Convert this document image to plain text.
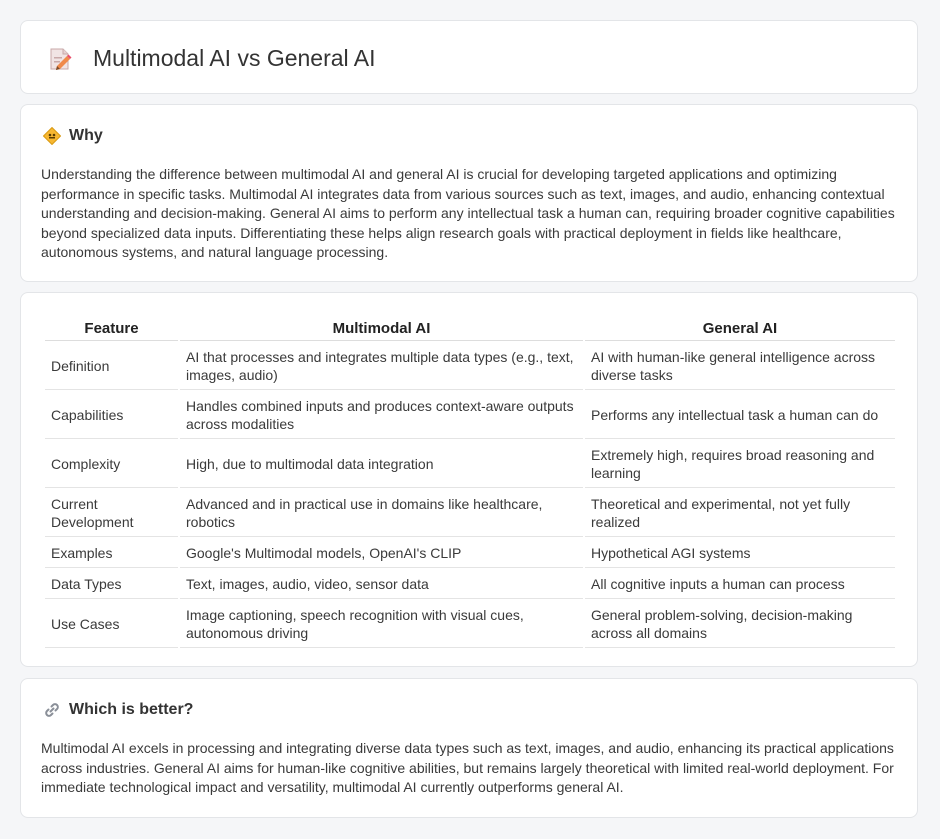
Multimodal AI vs General AI
Why

Understanding the difference between multimodal AI and general AI is crucial for developing targeted applications and optimizing performance in specific tasks. Multimodal AI integrates data from various sources such as text, images, and audio, enhancing contextual understanding and decision-making. General AI aims to perform any intellectual task a human can, requiring broader cognitive capabilities beyond specialized data inputs. Differentiating these helps align research goals with practical deployment in fields like healthcare, autonomous systems, and natural language processing.

Feature	Multimodal AI	General AI
Definition	AI that processes and integrates multiple data types (e.g., text, images, audio)	AI with human-like general intelligence across diverse tasks
Capabilities	Handles combined inputs and produces context-aware outputs across modalities	Performs any intellectual task a human can do
Complexity	High, due to multimodal data integration	Extremely high, requires broad reasoning and learning
Current Development	Advanced and in practical use in domains like healthcare, robotics	Theoretical and experimental, not yet fully realized
Examples	Google's Multimodal models, OpenAI's CLIP	Hypothetical AGI systems
Data Types	Text, images, audio, video, sensor data	All cognitive inputs a human can process
Use Cases	Image captioning, speech recognition with visual cues, autonomous driving	General problem-solving, decision-making across all domains
Which is better?

Multimodal AI excels in processing and integrating diverse data types such as text, images, and audio, enhancing its practical applications across industries. General AI aims for human-like cognitive abilities, but remains largely theoretical with limited real-world deployment. For immediate technological impact and versatility, multimodal AI currently outperforms general AI.
